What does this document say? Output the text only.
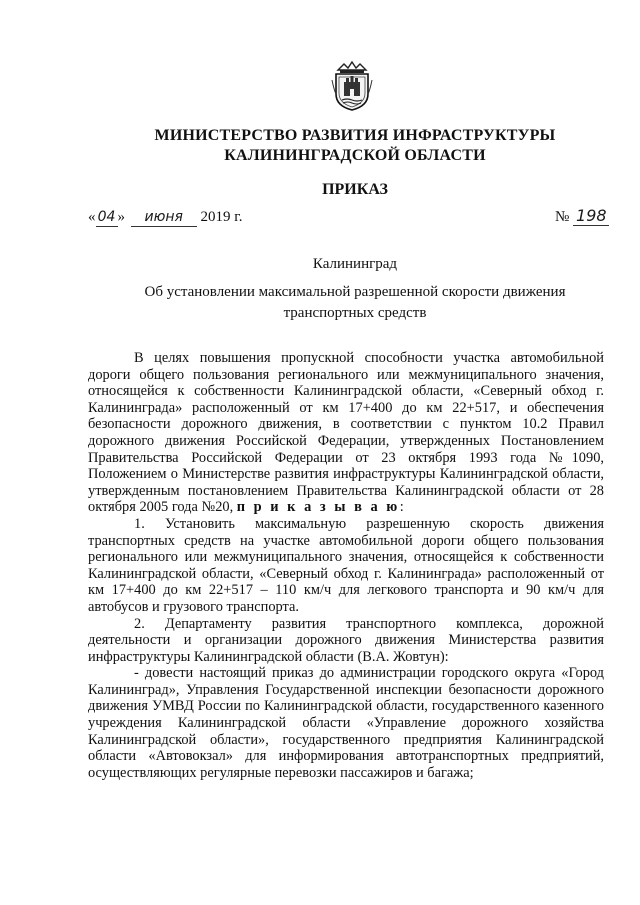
МИНИСТЕРСТВО РАЗВИТИЯ ИНФРАСТРУКТУРЫ
КАЛИНИНГРАДСКОЙ ОБЛАСТИ
ПРИКАЗ
« 04 » июня 2019 г.	№ 198
Калининград
Об установлении максимальной разрешенной скорости движения транспортных средств

В целях повышения пропускной способности участка автомобильной дороги общего пользования регионального или межмуниципального значения, относящейся к собственности Калининградской области, «Северный обход г. Калининграда» расположенный от км 17+400 до км 22+517, и обеспечения безопасности дорожного движения, в соответствии с пунктом 10.2 Правил дорожного движения Российской Федерации, утвержденных Постановлением Правительства Российской Федерации от 23 октября 1993 года №1090, Положением о Министерстве развития инфраструктуры Калининградской области, утвержденным постановлением Правительства Калининградской области от 28 октября 2005 года №20, п р и к а з ы в а ю:

1. Установить максимальную разрешенную скорость движения транспортных средств на участке автомобильной дороги общего пользования регионального или межмуниципального значения, относящейся к собственности Калининградской области, «Северный обход г. Калининграда» расположенный от км 17+400 до км 22+517 – 110 км/ч для легкового транспорта и 90 км/ч для автобусов и грузового транспорта.

2. Департаменту развития транспортного комплекса, дорожной деятельности и организации дорожного движения Министерства развития инфраструктуры Калининградской области (В.А. Жовтун):

- довести настоящий приказ до администрации городского округа «Город Калининград», Управления Государственной инспекции безопасности дорожного движения УМВД России по Калининградской области, государственного казенного учреждения Калининградской области «Управление дорожного хозяйства Калининградской области», государственного предприятия Калининградской области «Автовокзал» для информирования автотранспортных предприятий, осуществляющих регулярные перевозки пассажиров и багажа;
